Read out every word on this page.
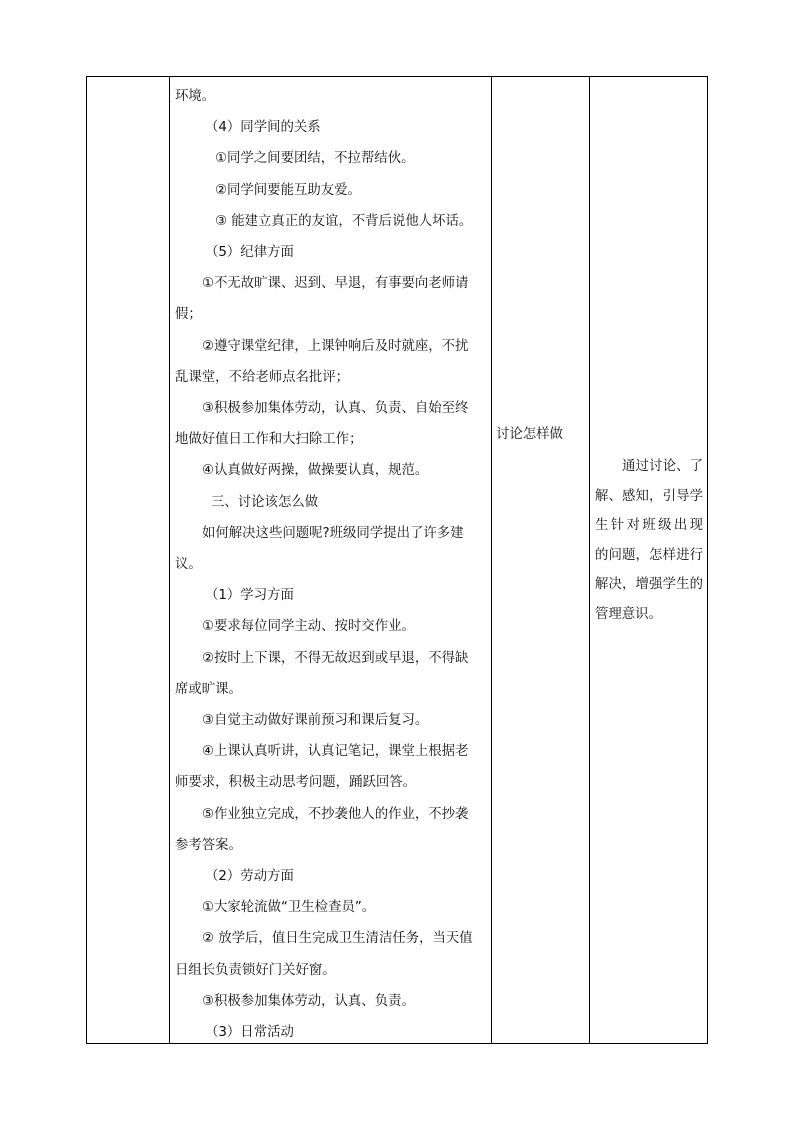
环境。

（4）同学间的关系

①同学之间要团结，不拉帮结伙。

②同学间要能互助友爱。

③ 能建立真正的友谊，不背后说他人坏话。

（5）纪律方面

①不无故旷课、迟到、早退，有事要向老师请

假；

②遵守课堂纪律，上课钟响后及时就座，不扰

乱课堂，不给老师点名批评；

③积极参加集体劳动，认真、负责、自始至终

地做好值日工作和大扫除工作；

④认真做好两操，做操要认真，规范。

三、讨论该怎么做

如何解决这些问题呢?班级同学提出了许多建

议。

（1）学习方面

①要求每位同学主动、按时交作业。

②按时上下课，不得无故迟到或早退，不得缺

席或旷课。

③自觉主动做好课前预习和课后复习。

④上课认真听讲，认真记笔记，课堂上根据老

师要求，积极主动思考问题，踊跃回答。

⑤作业独立完成，不抄袭他人的作业，不抄袭

参考答案。

（2）劳动方面

①大家轮流做“卫生检查员”。

② 放学后，值日生完成卫生清洁任务，当天值

日组长负责锁好门关好窗。

③积极参加集体劳动，认真、负责。

（3）日常活动

讨论怎样做
　　通过讨论、了解、感知，引导学生针对班级出现 的问题，怎样进行解决，增强学生的管理意识。
